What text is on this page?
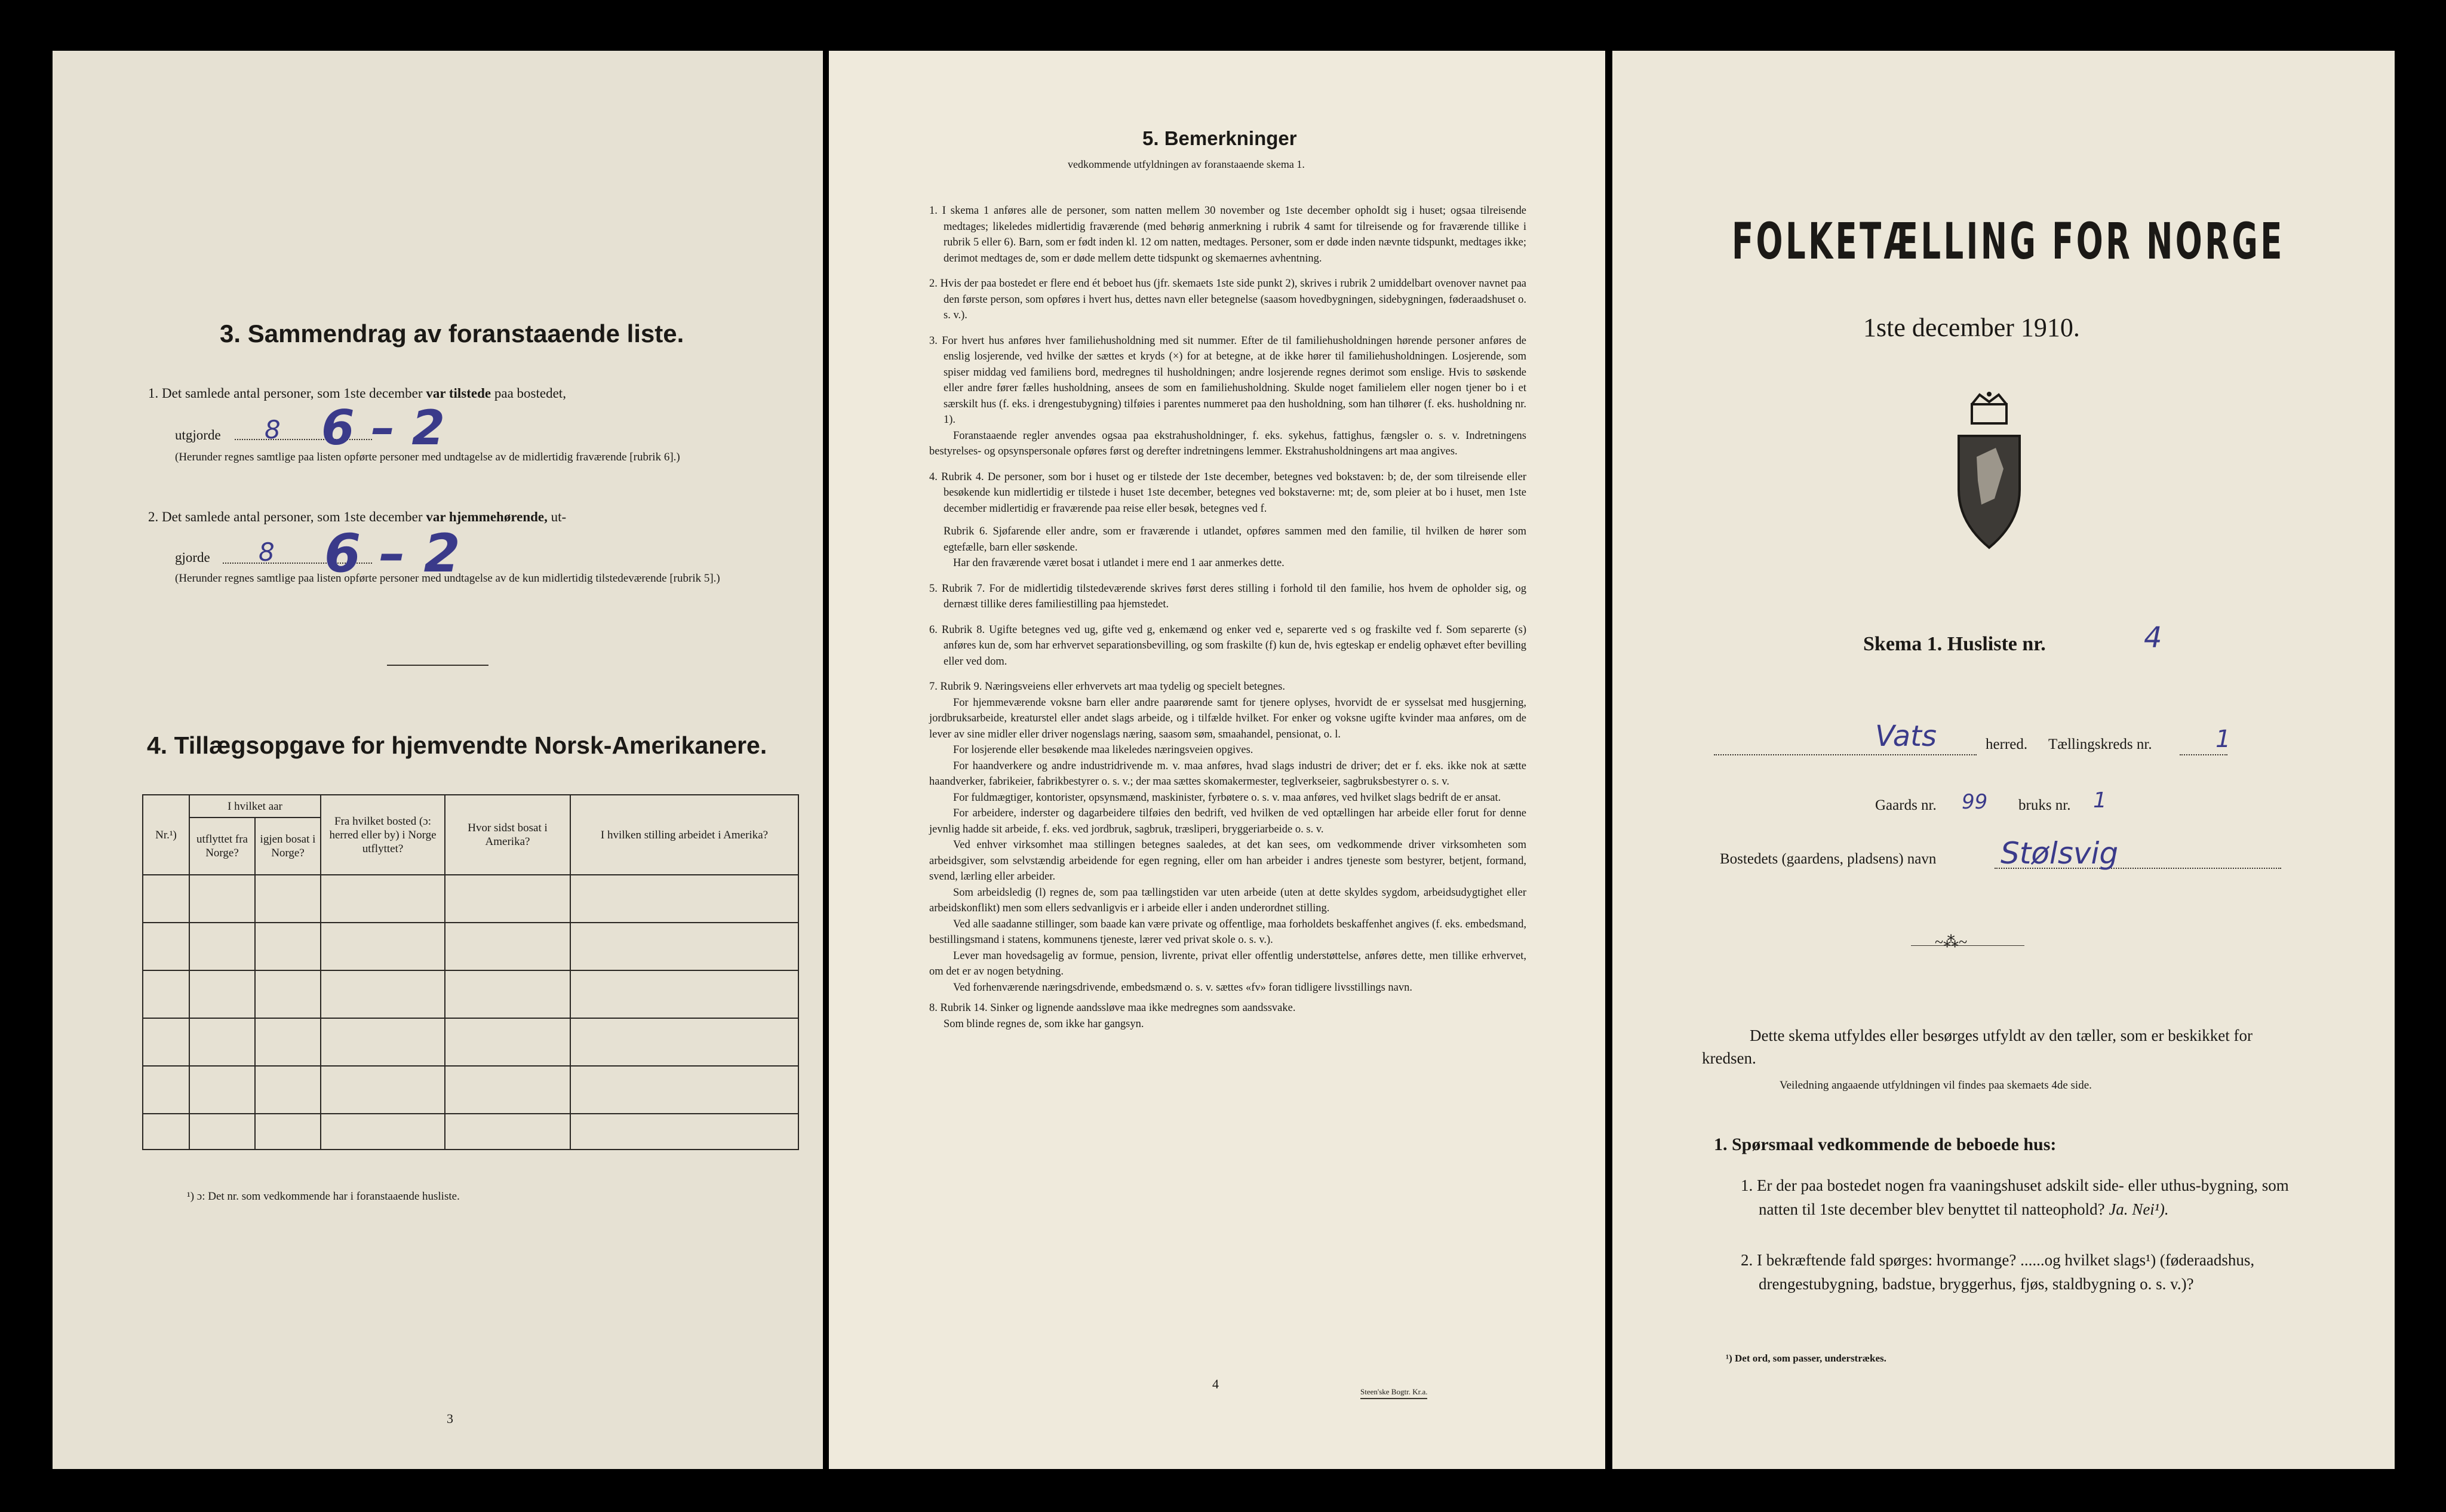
3. Sammendrag av foranstaaende liste.
1. Det samlede antal personer, som 1ste december var tilstede paa bostedet,
utgjorde 8 6 – 2
(Herunder regnes samtlige paa listen opførte personer med undtagelse av de midlertidig fraværende [rubrik 6].)
2. Det samlede antal personer, som 1ste december var hjemmehørende, ut-
gjorde 8 6 – 2
(Herunder regnes samtlige paa listen opførte personer med undtagelse av de kun midlertidig tilstedeværende [rubrik 5].)
4. Tillægsopgave for hjemvendte Norsk-Amerikanere.
Nr.¹)	I hvilket aar		Fra hvilket bosted (ɔ: herred eller by) i Norge utflyttet?	Hvor sidst bosat i Amerika?	I hvilken stilling arbeidet i Amerika?
	utflyttet fra Norge?	igjen bosat i Norge?			

¹) ɔ: Det nr. som vedkommende har i foranstaaende husliste.
3
5. Bemerkninger
vedkommende utfyldningen av foranstaaende skema 1.

1. I skema 1 anføres alle de personer, som natten mellem 30 november og 1ste december ophoIdt sig i huset; ogsaa tilreisende medtages; likeledes midlertidig fraværende (med behørig anmerkning i rubrik 4 samt for tilreisende og for fraværende tillike i rubrik 5 eller 6). Barn, som er født inden kl. 12 om natten, medtages. Personer, som er døde inden nævnte tidspunkt, medtages ikke; derimot medtages de, som er døde mellem dette tidspunkt og skemaernes avhentning.

2. Hvis der paa bostedet er flere end ét beboet hus (jfr. skemaets 1ste side punkt 2), skrives i rubrik 2 umiddelbart ovenover navnet paa den første person, som opføres i hvert hus, dettes navn eller betegnelse (saasom hovedbygningen, sidebygningen, føderaadshuset o. s. v.).

3. For hvert hus anføres hver familiehusholdning med sit nummer. Efter de til familiehusholdningen hørende personer anføres de enslig losjerende, ved hvilke der sættes et kryds (×) for at betegne, at de ikke hører til familiehusholdningen. Losjerende, som spiser middag ved familiens bord, medregnes til husholdningen; andre losjerende regnes derimot som enslige. Hvis to søskende eller andre fører fælles husholdning, ansees de som en familiehusholdning. Skulde noget familielem eller nogen tjener bo i et særskilt hus (f. eks. i drengestubygning) tilføies i parentes nummeret paa den husholdning, som han tilhører (f. eks. husholdning nr. 1).

Foranstaaende regler anvendes ogsaa paa ekstrahusholdninger, f. eks. sykehus, fattighus, fængsler o. s. v. Indretningens bestyrelses- og opsynspersonale opføres først og derefter indretningens lemmer. Ekstrahusholdningens art maa angives.

4. Rubrik 4. De personer, som bor i huset og er tilstede der 1ste december, betegnes ved bokstaven: b; de, der som tilreisende eller besøkende kun midlertidig er tilstede i huset 1ste december, betegnes ved bokstaverne: mt; de, som pleier at bo i huset, men 1ste december midlertidig er fraværende paa reise eller besøk, betegnes ved f.

Rubrik 6. Sjøfarende eller andre, som er fraværende i utlandet, opføres sammen med den familie, til hvilken de hører som egtefælle, barn eller søskende.

Har den fraværende været bosat i utlandet i mere end 1 aar anmerkes dette.

5. Rubrik 7. For de midlertidig tilstedeværende skrives først deres stilling i forhold til den familie, hos hvem de opholder sig, og dernæst tillike deres familiestilling paa hjemstedet.

6. Rubrik 8. Ugifte betegnes ved ug, gifte ved g, enkemænd og enker ved e, separerte ved s og fraskilte ved f. Som separerte (s) anføres kun de, som har erhvervet separationsbevilling, og som fraskilte (f) kun de, hvis egteskap er endelig ophævet efter bevilling eller ved dom.

7. Rubrik 9. Næringsveiens eller erhvervets art maa tydelig og specielt betegnes.

For hjemmeværende voksne barn eller andre paarørende samt for tjenere oplyses, hvorvidt de er sysselsat med husgjerning, jordbruksarbeide, kreaturstel eller andet slags arbeide, og i tilfælde hvilket. For enker og voksne ugifte kvinder maa anføres, om de lever av sine midler eller driver nogenslags næring, saasom søm, smaahandel, pensionat, o. l.

For losjerende eller besøkende maa likeledes næringsveien opgives.

For haandverkere og andre industridrivende m. v. maa anføres, hvad slags industri de driver; det er f. eks. ikke nok at sætte haandverker, fabrikeier, fabrikbestyrer o. s. v.; der maa sættes skomakermester, teglverkseier, sagbruksbestyrer o. s. v.

For fuldmægtiger, kontorister, opsynsmænd, maskinister, fyrbøtere o. s. v. maa anføres, ved hvilket slags bedrift de er ansat.

For arbeidere, inderster og dagarbeidere tilføies den bedrift, ved hvilken de ved optællingen har arbeide eller forut for denne jevnlig hadde sit arbeide, f. eks. ved jordbruk, sagbruk, træsliperi, bryggeriarbeide o. s. v.

Ved enhver virksomhet maa stillingen betegnes saaledes, at det kan sees, om vedkommende driver virksomheten som arbeidsgiver, som selvstændig arbeidende for egen regning, eller om han arbeider i andres tjeneste som bestyrer, betjent, formand, svend, lærling eller arbeider.

Som arbeidsledig (l) regnes de, som paa tællingstiden var uten arbeide (uten at dette skyldes sygdom, arbeidsudygtighet eller arbeidskonflikt) men som ellers sedvanligvis er i arbeide eller i anden underordnet stilling.

Ved alle saadanne stillinger, som baade kan være private og offentlige, maa forholdets beskaffenhet angives (f. eks. embedsmand, bestillingsmand i statens, kommunens tjeneste, lærer ved privat skole o. s. v.).

Lever man hovedsagelig av formue, pension, livrente, privat eller offentlig understøttelse, anføres dette, men tillike erhvervet, om det er av nogen betydning.

Ved forhenværende næringsdrivende, embedsmænd o. s. v. sættes «fv» foran tidligere livsstillings navn.

8. Rubrik 14. Sinker og lignende aandssløve maa ikke medregnes som aandssvake.

Som blinde regnes de, som ikke har gangsyn.

4
Steen'ske Bogtr. Kr.a.
FOLKETÆLLING FOR NORGE
1ste december 1910.
Skema 1. Husliste nr.	4
Vats	herred. Tællingskreds nr.	1
Gaards nr. 99 bruks nr. 1
Bostedets (gaardens, pladsens) navn Stølsvig
~⁂~
Dette skema utfyldes eller besørges utfyldt av den tæller, som er beskikket for kredsen.
Veiledning angaaende utfyldningen vil findes paa skemaets 4de side.
1. Spørsmaal vedkommende de beboede hus:
1. Er der paa bostedet nogen fra vaaningshuset adskilt side- eller uthus-bygning, som natten til 1ste december blev benyttet til natteophold? Ja. Nei¹).
2. I bekræftende fald spørges: hvormange? ......og hvilket slags¹) (føderaadshus, drengestubygning, badstue, bryggerhus, fjøs, staldbygning o. s. v.)?
¹) Det ord, som passer, understrækes.
